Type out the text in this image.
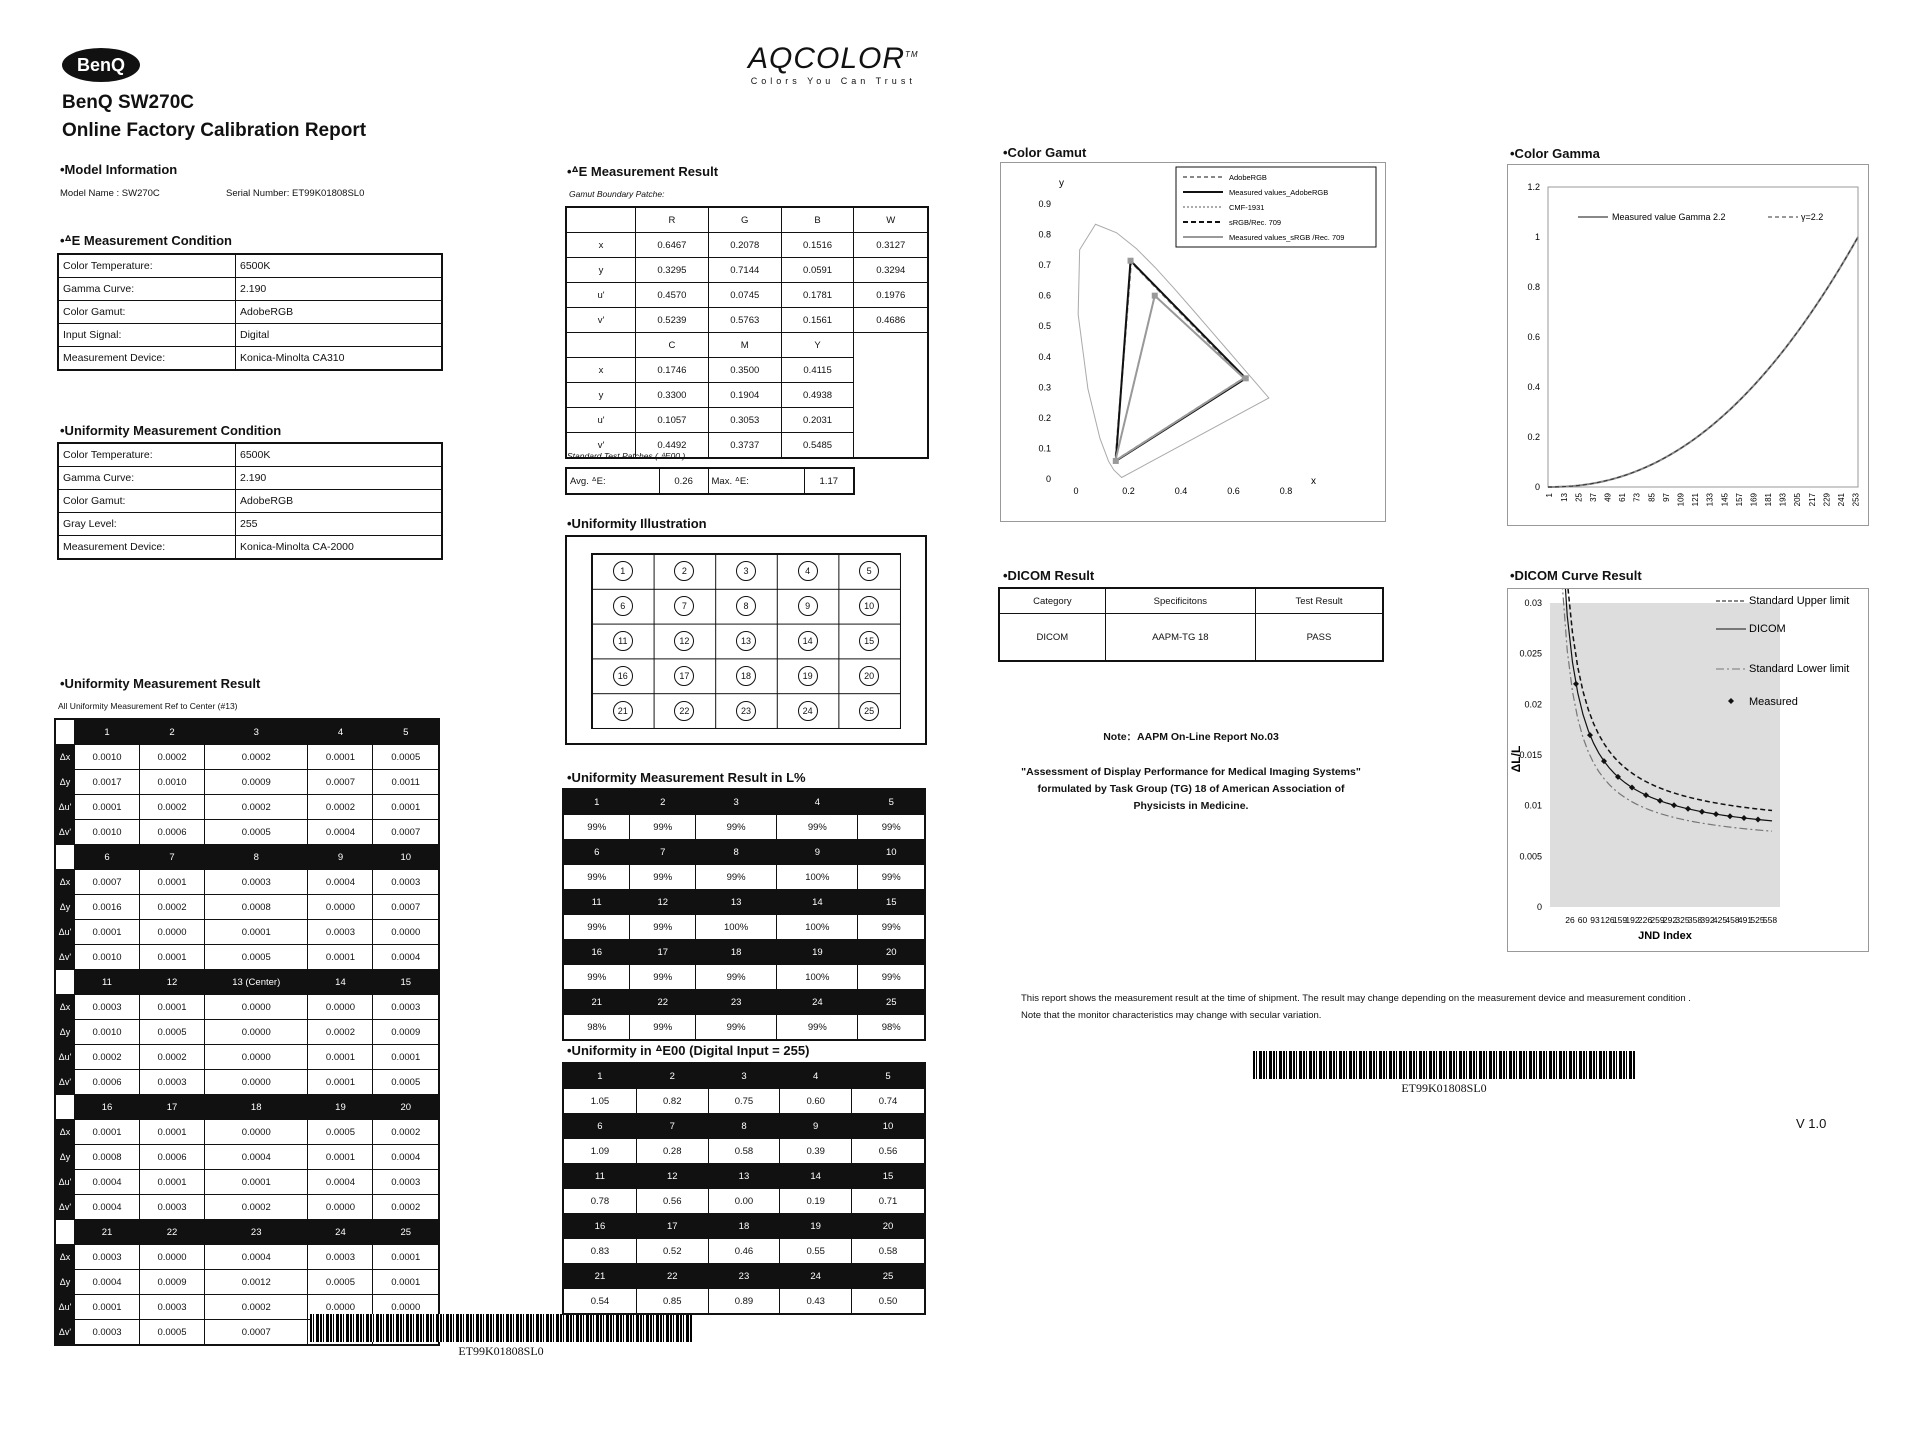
BenQ
BenQ SW270C
Online Factory Calibration Report
AQCOLOR™
Colors You Can Trust
•Model Information
Model Name : SW270C	Serial Number: ET99K01808SL0
•ᐞE Measurement Condition
Color Temperature:	6500K
Gamma Curve:	2.190
Color Gamut:	AdobeRGB
Input Signal:	Digital
Measurement Device:	Konica-Minolta CA310
•Uniformity Measurement Condition
Color Temperature:	6500K
Gamma Curve:	2.190
Color Gamut:	AdobeRGB
Gray Level:	255
Measurement Device:	Konica-Minolta CA-2000
•Uniformity Measurement Result
All Uniformity Measurement Ref to Center (#13)
	1	2	3	4	5
Δx	0.0010	0.0002	0.0002	0.0001	0.0005
Δy	0.0017	0.0010	0.0009	0.0007	0.0011
Δu'	0.0001	0.0002	0.0002	0.0002	0.0001
Δv'	0.0010	0.0006	0.0005	0.0004	0.0007
	6	7	8	9	10
Δx	0.0007	0.0001	0.0003	0.0004	0.0003
Δy	0.0016	0.0002	0.0008	0.0000	0.0007
Δu'	0.0001	0.0000	0.0001	0.0003	0.0000
Δv'	0.0010	0.0001	0.0005	0.0001	0.0004
	11	12	13 (Center)	14	15
Δx	0.0003	0.0001	0.0000	0.0000	0.0003
Δy	0.0010	0.0005	0.0000	0.0002	0.0009
Δu'	0.0002	0.0002	0.0000	0.0001	0.0001
Δv'	0.0006	0.0003	0.0000	0.0001	0.0005
	16	17	18	19	20
Δx	0.0001	0.0001	0.0000	0.0005	0.0002
Δy	0.0008	0.0006	0.0004	0.0001	0.0004
Δu'	0.0004	0.0001	0.0001	0.0004	0.0003
Δv'	0.0004	0.0003	0.0002	0.0000	0.0002
	21	22	23	24	25
Δx	0.0003	0.0000	0.0004	0.0003	0.0001
Δy	0.0004	0.0009	0.0012	0.0005	0.0001
Δu'	0.0001	0.0003	0.0002	0.0000	0.0000
Δv'	0.0003	0.0005	0.0007		
ET99K01808SL0
•ᐞE Measurement Result
Gamut Boundary Patche:
	R	G	B	W
x	0.6467	0.2078	0.1516	0.3127
y	0.3295	0.7144	0.0591	0.3294
u'	0.4570	0.0745	0.1781	0.1976
v'	0.5239	0.5763	0.1561	0.4686
	C	M	Y	
x	0.1746	0.3500	0.4115	
y	0.3300	0.1904	0.4938	
u'	0.1057	0.3053	0.2031	
v'	0.4492	0.3737	0.5485	
Standard Test Patches ( ᐞE00 )
Avg. ᐞE:	0.26	Max. ᐞE:	1.17
•Uniformity Illustration
1	2	3	4	5
6	7	8	9	10
11	12	13	14	15
16	17	18	19	20
21	22	23	24	25
•Uniformity Measurement Result in L%
1	2	3	4	5
99%	99%	99%	99%	99%
6	7	8	9	10
99%	99%	99%	100%	99%
11	12	13	14	15
99%	99%	100%	100%	99%
16	17	18	19	20
99%	99%	99%	100%	99%
21	22	23	24	25
98%	99%	99%	99%	98%
•Uniformity in ᐞE00 (Digital Input = 255)
1	2	3	4	5
1.05	0.82	0.75	0.60	0.74
6	7	8	9	10
1.09	0.28	0.58	0.39	0.56
11	12	13	14	15
0.78	0.56	0.00	0.19	0.71
16	17	18	19	20
0.83	0.52	0.46	0.55	0.58
21	22	23	24	25
0.54	0.85	0.89	0.43	0.50
•Color Gamut
y
x
0.9
0.8
0.7
0.6
0.5
0.4
0.3
0.2
0.1
0
0	0.2	0.4	0.6	0.8
AdobeRGB
Measured values_AdobeRGB
CMF-1931
sRGB/Rec. 709
Measured values_sRGB /Rec. 709
•Color Gamma
1.2
1
0.8
0.6
0.4
0.2
0
1 13 25 37 49 61 73 85 97 109 121 133 145 157 169 181 193 205 217 229 241 253
Measured value Gamma 2.2	γ=2.2
•DICOM Result
Category	Specificitons	Test Result
DICOM	AAPM-TG 18	PASS
Note：AAPM On-Line Report No.03
"Assessment of Display Performance for Medical Imaging Systems"
formulated by Task Group (TG) 18 of American Association of
Physicists in Medicine.
•DICOM Curve Result
0.03
0.025
0.02
0.015
0.01
0.005
0
ΔL/L
26 60 93 126
159
192
226
259
292
325
358
392
425
458
491
525
558
JND Index
Standard Upper limit
DICOM
Standard Lower limit
Measured
This report shows the measurement result at the time of shipment. The result may change depending on the measurement device and measurement condition .
Note that the monitor characteristics may change with secular variation.
ET99K01808SL0
V 1.0
